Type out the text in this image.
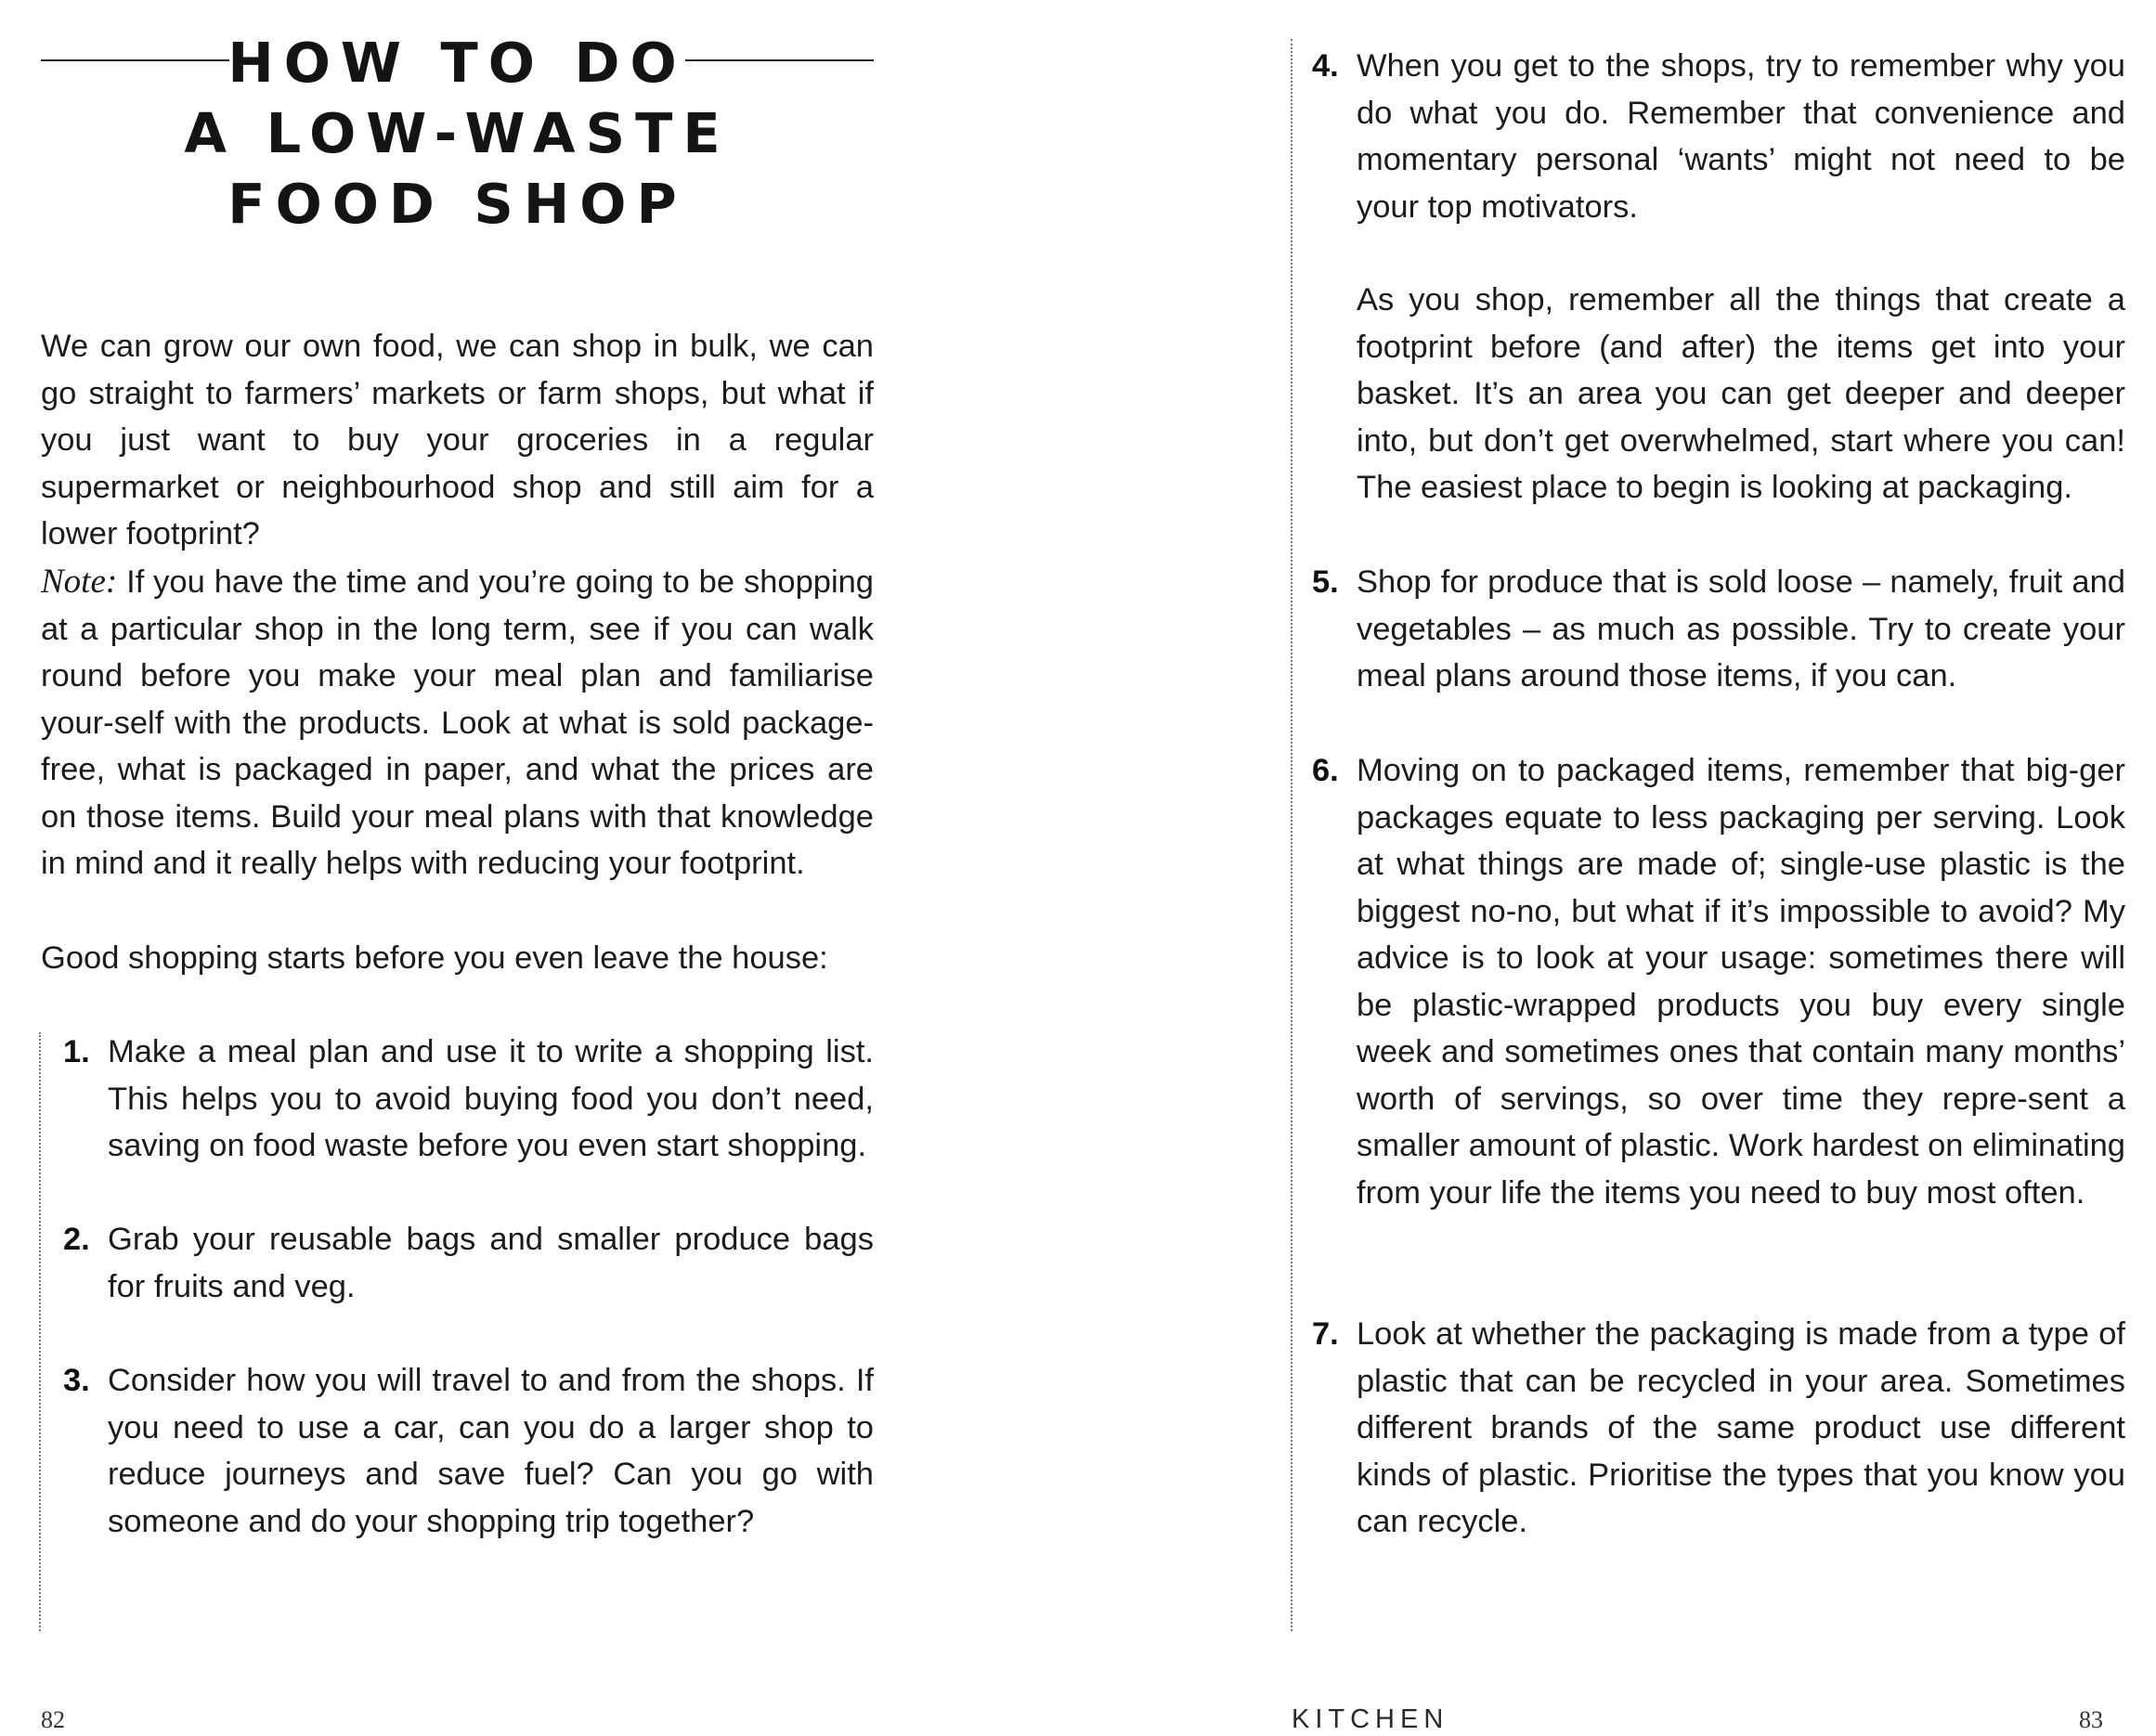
HOW TO DO
A LOW-WASTE
FOOD SHOP

We can grow our own food, we can shop in bulk, we can go straight to farmers’ markets or farm shops, but what if you just want to buy your groceries in a regular supermarket or neighbourhood shop and still aim for a lower footprint?

Note: If you have the time and you’re going to be shopping at a particular shop in the long term, see if you can walk round before you make your meal plan and familiarise your-self with the products. Look at what is sold package-free, what is packaged in paper, and what the prices are on those items. Build your meal plans with that knowledge in mind and it really helps with reducing your footprint.

Good shopping starts before you even leave the house:

1. Make a meal plan and use it to write a shopping list. This helps you to avoid buying food you don’t need, saving on food waste before you even start shopping.

2. Grab your reusable bags and smaller produce bags for fruits and veg.

3. Consider how you will travel to and from the shops. If you need to use a car, can you do a larger shop to reduce journeys and save fuel? Can you go with someone and do your shopping trip together?

82
4. When you get to the shops, try to remember why you do what you do. Remember that convenience and momentary personal ‘wants’ might not need to be your top motivators.

As you shop, remember all the things that create a footprint before (and after) the items get into your basket. It’s an area you can get deeper and deeper into, but don’t get overwhelmed, start where you can! The easiest place to begin is looking at packaging.

5. Shop for produce that is sold loose – namely, fruit and vegetables – as much as possible. Try to create your meal plans around those items, if you can.

6. Moving on to packaged items, remember that big-ger packages equate to less packaging per serving. Look at what things are made of; single-use plastic is the biggest no-no, but what if it’s impossible to avoid? My advice is to look at your usage: sometimes there will be plastic-wrapped products you buy every single week and sometimes ones that contain many months’ worth of servings, so over time they repre-sent a smaller amount of plastic. Work hardest on eliminating from your life the items you need to buy most often.

7. Look at whether the packaging is made from a type of plastic that can be recycled in your area. Sometimes different brands of the same product use different kinds of plastic. Prioritise the types that you know you can recycle.

KITCHEN	83
